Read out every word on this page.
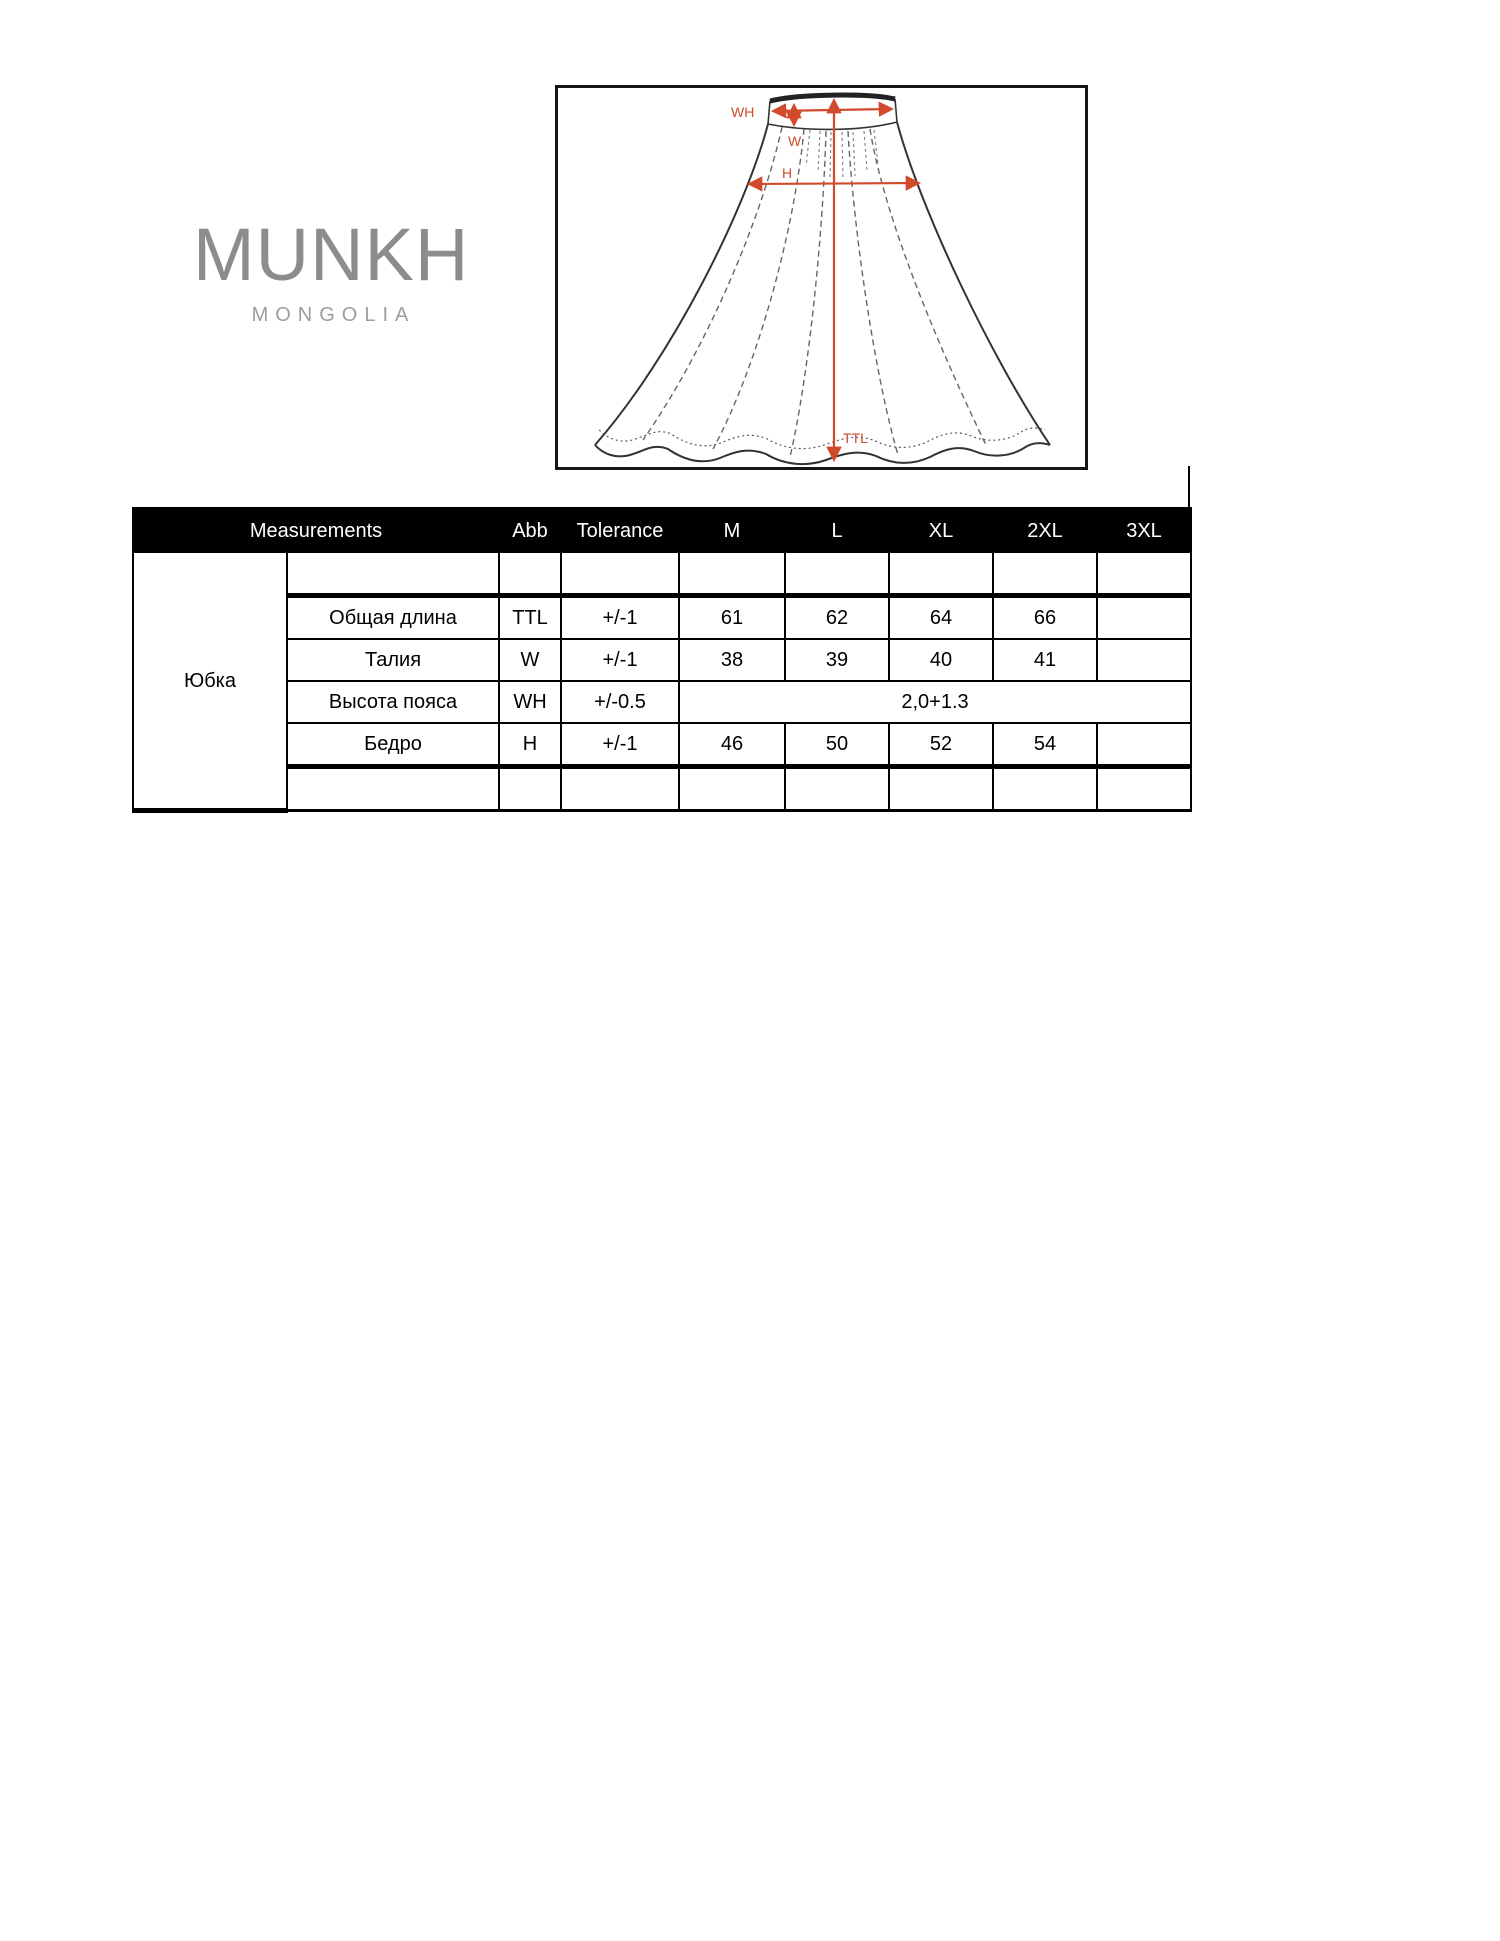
MUNKH
MONGOLIA
WH
W
H
TTL
Measurements		Abb	Tolerance	M	L	XL	2XL	3XL
Юбка								
	Общая длина	TTL	+/-1	61	62	64	66	
	Талия	W	+/-1	38	39	40	41	
	Высота пояса	WH	+/-0.5	2,0+1.3				
	Бедро	H	+/-1	46	50	52	54	
